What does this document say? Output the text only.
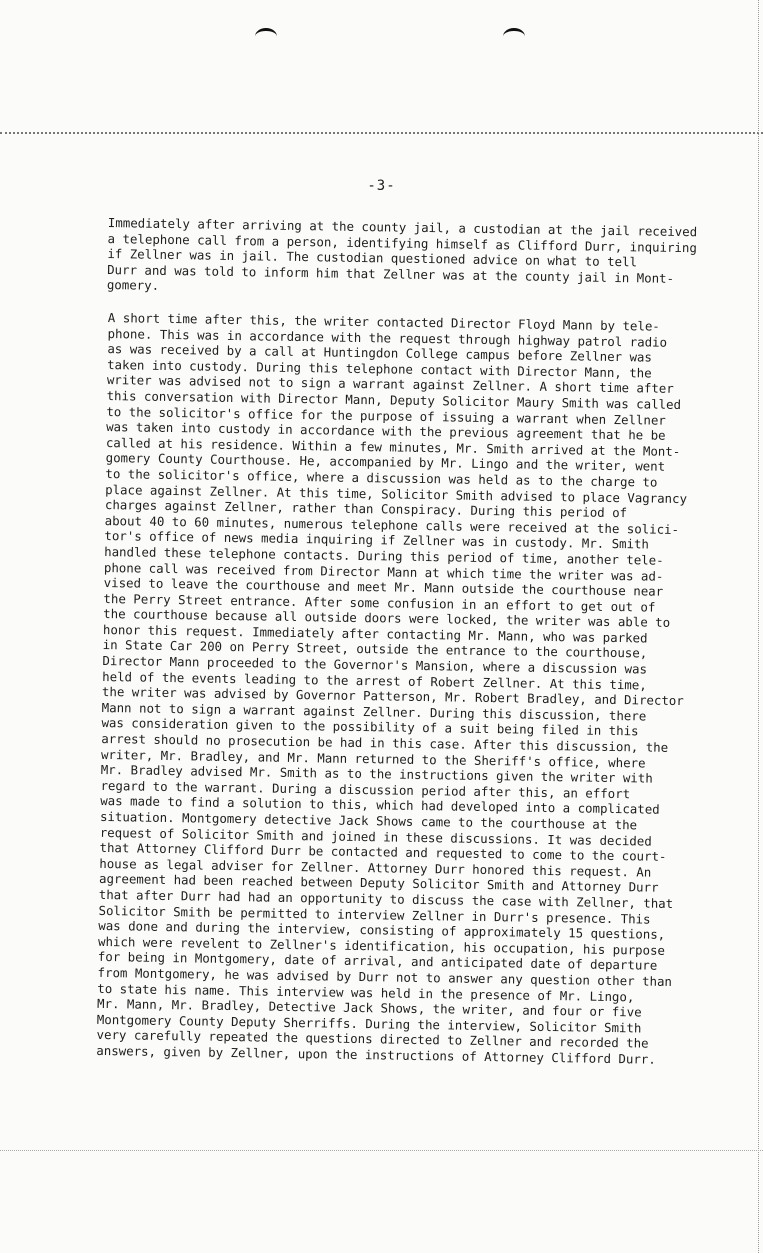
-3-
Immediately after arriving at the county jail, a custodian at the jail received
a telephone call from a person, identifying himself as Clifford Durr, inquiring
if Zellner was in jail. The custodian questioned advice on what to tell
Durr and was told to inform him that Zellner was at the county jail in Mont-
gomery.
A short time after this, the writer contacted Director Floyd Mann by tele-
phone. This was in accordance with the request through highway patrol radio
as was received by a call at Huntingdon College campus before Zellner was
taken into custody. During this telephone contact with Director Mann, the
writer was advised not to sign a warrant against Zellner. A short time after
this conversation with Director Mann, Deputy Solicitor Maury Smith was called
to the solicitor's office for the purpose of issuing a warrant when Zellner
was taken into custody in accordance with the previous agreement that he be
called at his residence. Within a few minutes, Mr. Smith arrived at the Mont-
gomery County Courthouse. He, accompanied by Mr. Lingo and the writer, went
to the solicitor's office, where a discussion was held as to the charge to
place against Zellner. At this time, Solicitor Smith advised to place Vagrancy
charges against Zellner, rather than Conspiracy. During this period of
about 40 to 60 minutes, numerous telephone calls were received at the solici-
tor's office of news media inquiring if Zellner was in custody. Mr. Smith
handled these telephone contacts. During this period of time, another tele-
phone call was received from Director Mann at which time the writer was ad-
vised to leave the courthouse and meet Mr. Mann outside the courthouse near
the Perry Street entrance. After some confusion in an effort to get out of
the courthouse because all outside doors were locked, the writer was able to
honor this request. Immediately after contacting Mr. Mann, who was parked
in State Car 200 on Perry Street, outside the entrance to the courthouse,
Director Mann proceeded to the Governor's Mansion, where a discussion was
held of the events leading to the arrest of Robert Zellner. At this time,
the writer was advised by Governor Patterson, Mr. Robert Bradley, and Director
Mann not to sign a warrant against Zellner. During this discussion, there
was consideration given to the possibility of a suit being filed in this
arrest should no prosecution be had in this case. After this discussion, the
writer, Mr. Bradley, and Mr. Mann returned to the Sheriff's office, where
Mr. Bradley advised Mr. Smith as to the instructions given the writer with
regard to the warrant. During a discussion period after this, an effort
was made to find a solution to this, which had developed into a complicated
situation. Montgomery detective Jack Shows came to the courthouse at the
request of Solicitor Smith and joined in these discussions. It was decided
that Attorney Clifford Durr be contacted and requested to come to the court-
house as legal adviser for Zellner. Attorney Durr honored this request. An
agreement had been reached between Deputy Solicitor Smith and Attorney Durr
that after Durr had had an opportunity to discuss the case with Zellner, that
Solicitor Smith be permitted to interview Zellner in Durr's presence. This
was done and during the interview, consisting of approximately 15 questions,
which were revelent to Zellner's identification, his occupation, his purpose
for being in Montgomery, date of arrival, and anticipated date of departure
from Montgomery, he was advised by Durr not to answer any question other than
to state his name. This interview was held in the presence of Mr. Lingo,
Mr. Mann, Mr. Bradley, Detective Jack Shows, the writer, and four or five
Montgomery County Deputy Sherriffs. During the interview, Solicitor Smith
very carefully repeated the questions directed to Zellner and recorded the
answers, given by Zellner, upon the instructions of Attorney Clifford Durr.
